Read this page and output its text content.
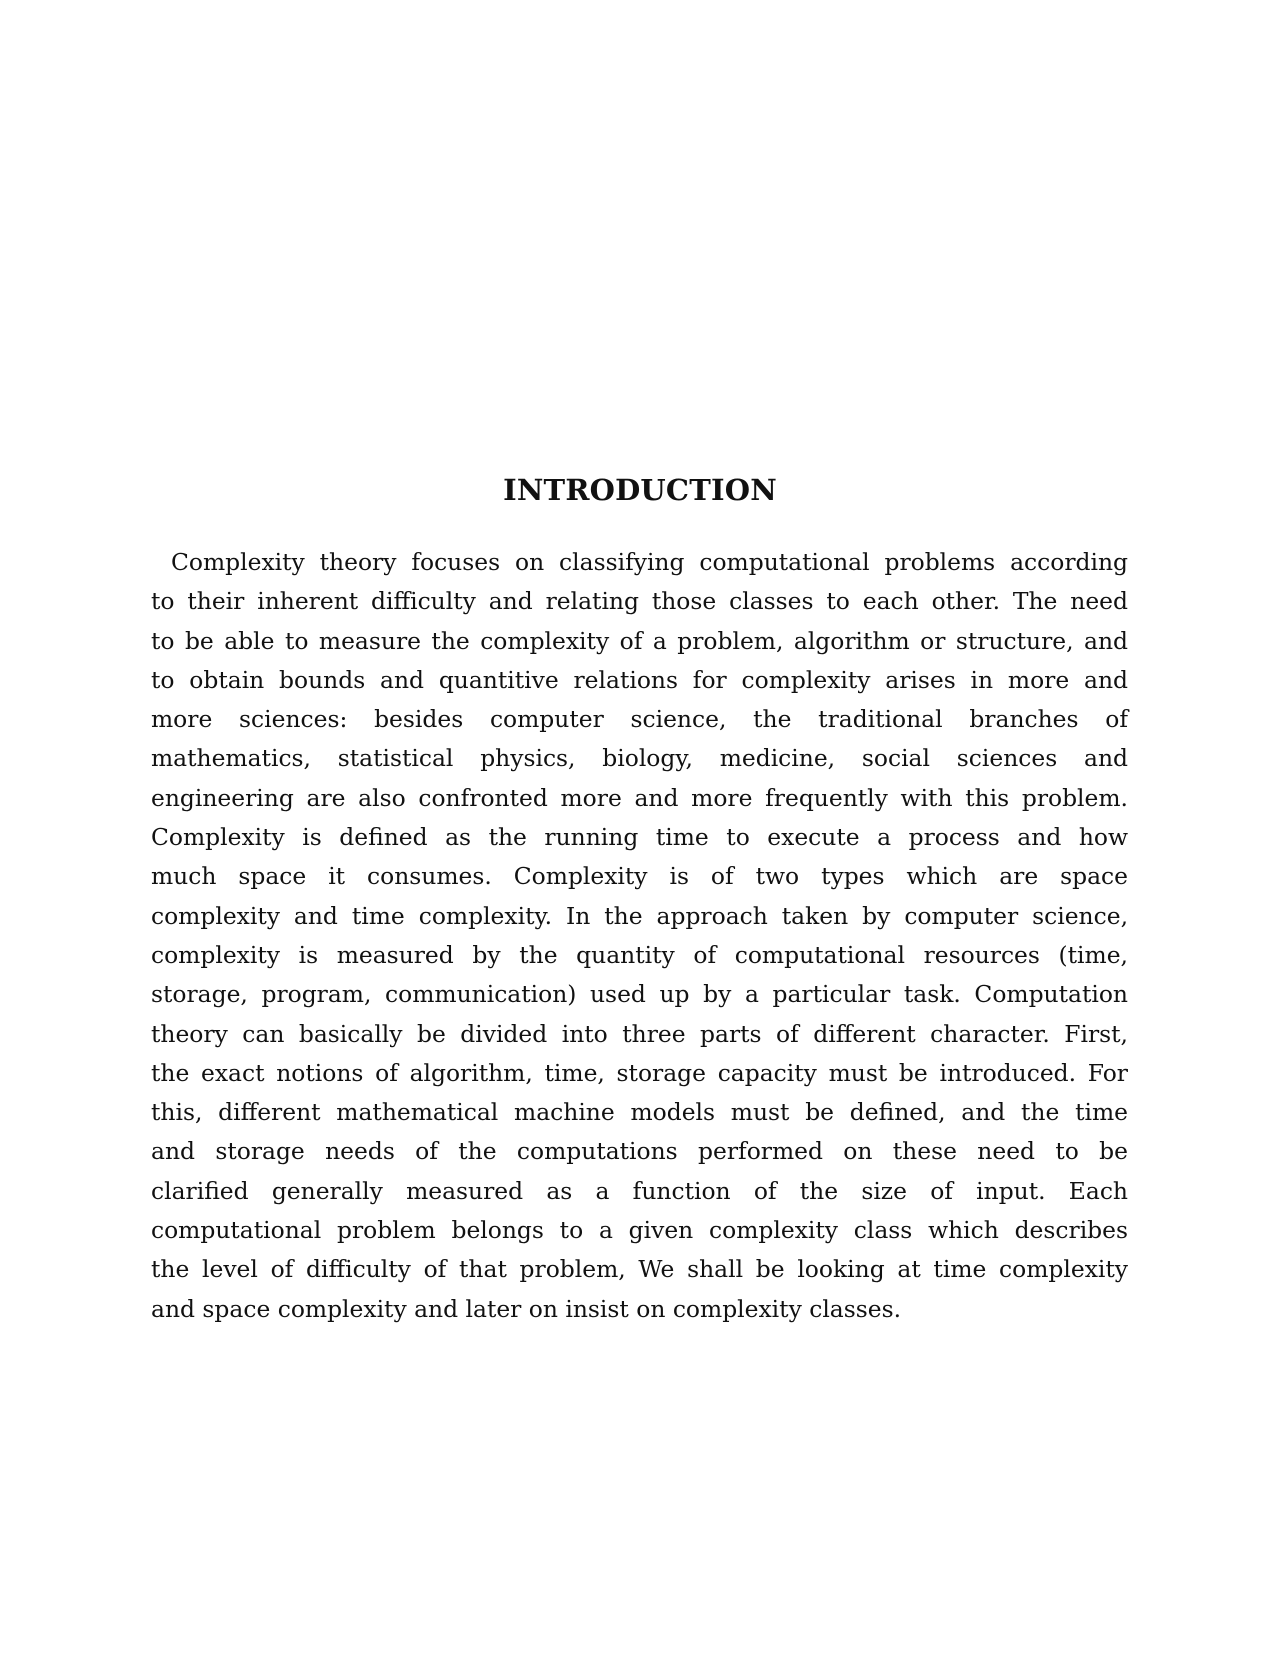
INTRODUCTION
Complexity theory focuses on classifying computational problems according
to their inherent difficulty and relating those classes to each other. The need
to be able to measure the complexity of a problem, algorithm or structure, and
to obtain bounds and quantitive relations for complexity arises in more and
more sciences: besides computer science, the traditional branches of
mathematics, statistical physics, biology, medicine, social sciences and
engineering are also confronted more and more frequently with this problem.
Complexity is defined as the running time to execute a process and how
much space it consumes. Complexity is of two types which are space
complexity and time complexity. In the approach taken by computer science,
complexity is measured by the quantity of computational resources (time,
storage, program, communication) used up by a particular task. Computation
theory can basically be divided into three parts of different character. First,
the exact notions of algorithm, time, storage capacity must be introduced. For
this, different mathematical machine models must be defined, and the time
and storage needs of the computations performed on these need to be
clarified generally measured as a function of the size of input. Each
computational problem belongs to a given complexity class which describes
the level of difficulty of that problem, We shall be looking at time complexity
and space complexity and later on insist on complexity classes.
